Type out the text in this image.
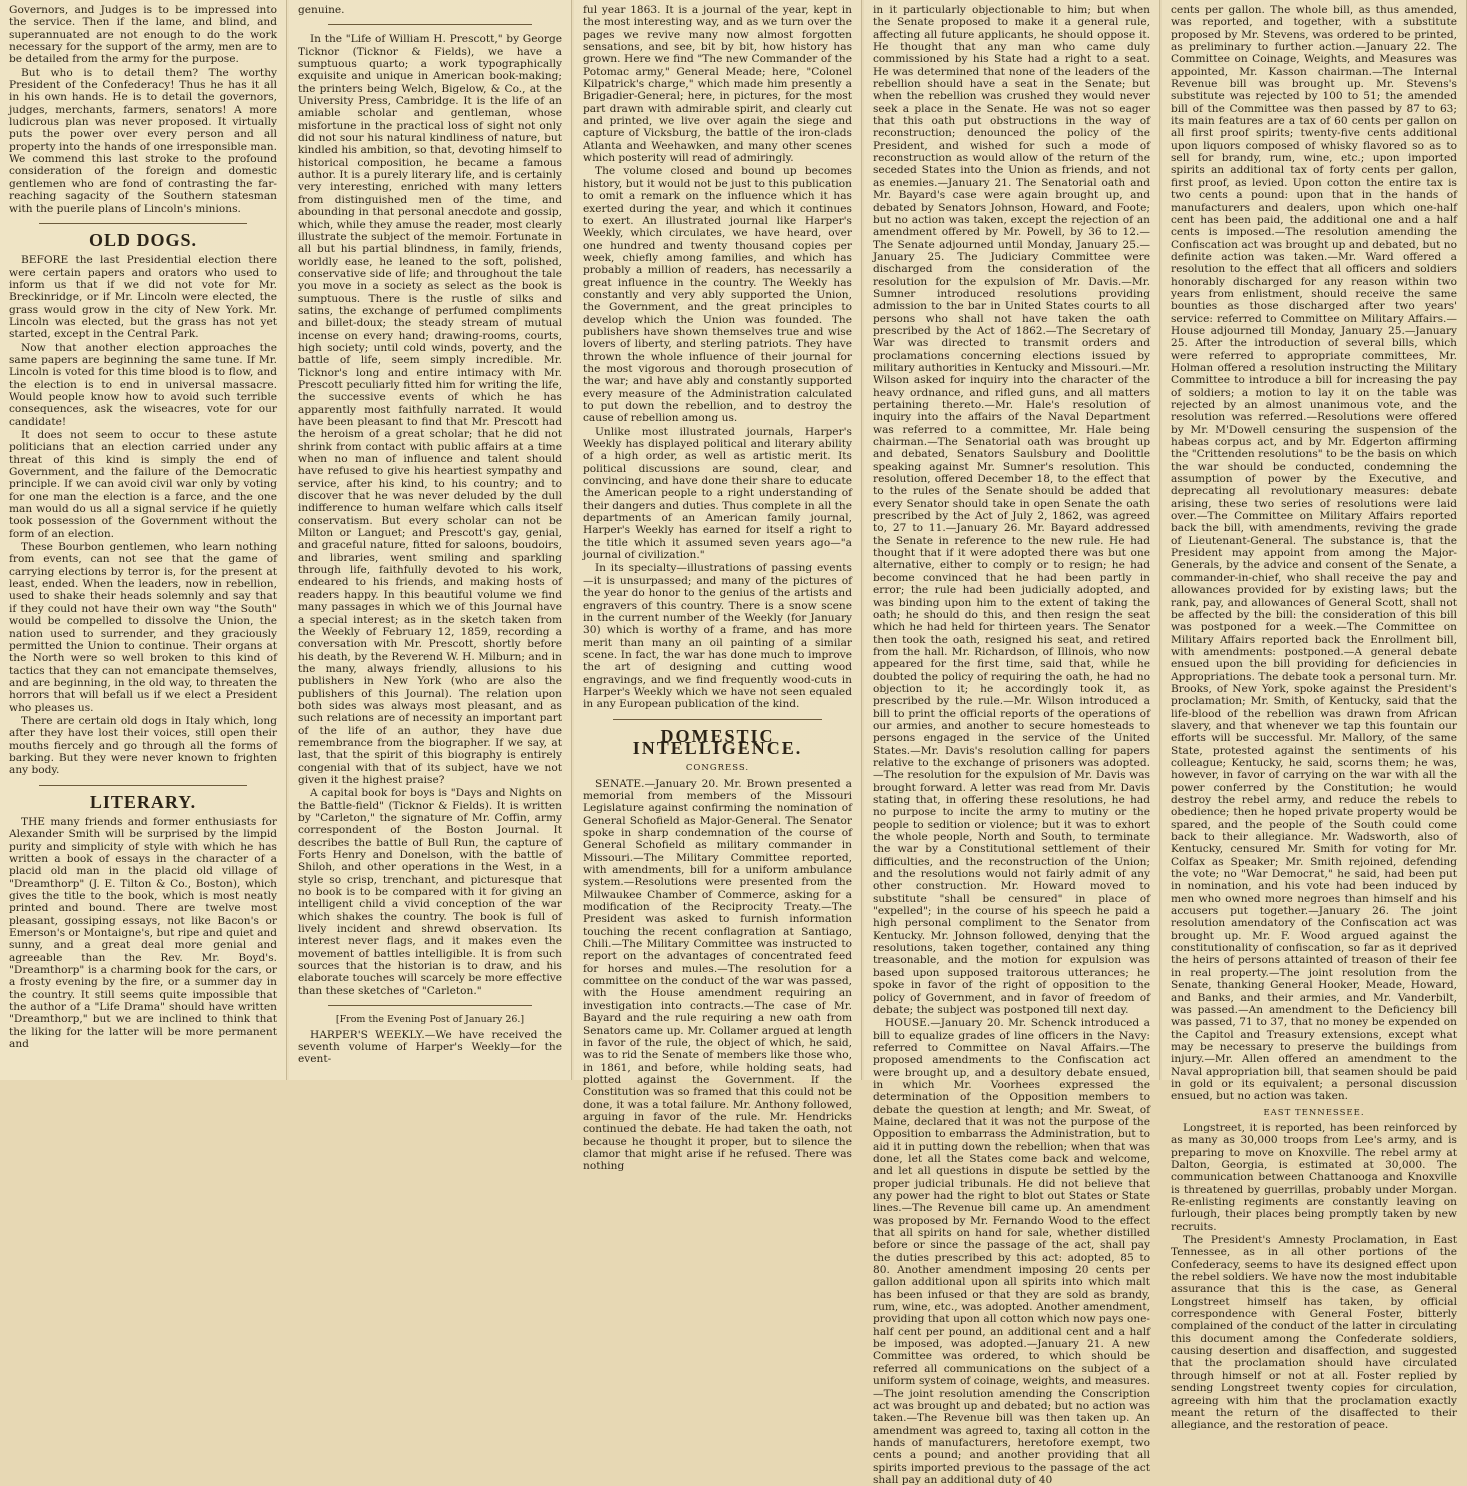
Governors, and Judges is to be impressed into the service. Then if the lame, and blind, and superannuated are not enough to do the work necessary for the support of the army, men are to be detailed from the army for the purpose.

But who is to detail them? The worthy President of the Confederacy! Thus he has it all in his own hands. He is to detail the governors, judges, merchants, farmers, senators! A more ludicrous plan was never proposed. It virtually puts the power over every person and all property into the hands of one irresponsible man. We commend this last stroke to the profound consideration of the foreign and domestic gentlemen who are fond of contrasting the far-reaching sagacity of the Southern statesman with the puerile plans of Lincoln's minions.

OLD DOGS.

BEFORE the last Presidential election there were certain papers and orators who used to inform us that if we did not vote for Mr. Breckinridge, or if Mr. Lincoln were elected, the grass would grow in the city of New York. Mr. Lincoln was elected, but the grass has not yet started, except in the Central Park.

Now that another election approaches the same papers are beginning the same tune. If Mr. Lincoln is voted for this time blood is to flow, and the election is to end in universal massacre. Would people know how to avoid such terrible consequences, ask the wiseacres, vote for our candidate!

It does not seem to occur to these astute politicians that an election carried under any threat of this kind is simply the end of Government, and the failure of the Democratic principle. If we can avoid civil war only by voting for one man the election is a farce, and the one man would do us all a signal service if he quietly took possession of the Government without the form of an election.

These Bourbon gentlemen, who learn nothing from events, can not see that the game of carrying elections by terror is, for the present at least, ended. When the leaders, now in rebellion, used to shake their heads solemnly and say that if they could not have their own way "the South" would be compelled to dissolve the Union, the nation used to surrender, and they graciously permitted the Union to continue. Their organs at the North were so well broken to this kind of tactics that they can not emancipate themselves, and are beginning, in the old way, to threaten the horrors that will befall us if we elect a President who pleases us.

There are certain old dogs in Italy which, long after they have lost their voices, still open their mouths fiercely and go through all the forms of barking. But they were never known to frighten any body.

LITERARY.

THE many friends and former enthusiasts for Alexander Smith will be surprised by the limpid purity and simplicity of style with which he has written a book of essays in the character of a placid old man in the placid old village of "Dreamthorp" (J. E. Tilton & Co., Boston), which gives the title to the book, which is most neatly printed and bound. There are twelve most pleasant, gossiping essays, not like Bacon's or Emerson's or Montaigne's, but ripe and quiet and sunny, and a great deal more genial and agreeable than the Rev. Mr. Boyd's. "Dreamthorp" is a charming book for the cars, or a frosty evening by the fire, or a summer day in the country. It still seems quite impossible that the author of a "Life Drama" should have written "Dreamthorp," but we are inclined to think that the liking for the latter will be more permanent and

genuine.

In the "Life of William H. Prescott," by George Ticknor (Ticknor & Fields), we have a sumptuous quarto; a work typographically exquisite and unique in American book-making; the printers being Welch, Bigelow, & Co., at the University Press, Cambridge. It is the life of an amiable scholar and gentleman, whose misfortune in the practical loss of sight not only did not sour his natural kindliness of nature, but kindled his ambition, so that, devoting himself to historical composition, he became a famous author. It is a purely literary life, and is certainly very interesting, enriched with many letters from distinguished men of the time, and abounding in that personal anecdote and gossip, which, while they amuse the reader, most clearly illustrate the subject of the memoir. Fortunate in all but his partial blindness, in family, friends, worldly ease, he leaned to the soft, polished, conservative side of life; and throughout the tale you move in a society as select as the book is sumptuous. There is the rustle of silks and satins, the exchange of perfumed compliments and billet-doux; the steady stream of mutual incense on every hand; drawing-rooms, courts, high society; until cold winds, poverty, and the battle of life, seem simply incredible. Mr. Ticknor's long and entire intimacy with Mr. Prescott peculiarly fitted him for writing the life, the successive events of which he has apparently most faithfully narrated. It would have been pleasant to find that Mr. Prescott had the heroism of a great scholar; that he did not shrink from contact with public affairs at a time when no man of influence and talent should have refused to give his heartiest sympathy and service, after his kind, to his country; and to discover that he was never deluded by the dull indifference to human welfare which calls itself conservatism. But every scholar can not be Milton or Languet; and Prescott's gay, genial, and graceful nature, fitted for saloons, boudoirs, and libraries, went smiling and sparkling through life, faithfully devoted to his work, endeared to his friends, and making hosts of readers happy. In this beautiful volume we find many passages in which we of this Journal have a special interest; as in the sketch taken from the Weekly of February 12, 1859, recording a conversation with Mr. Prescott, shortly before his death, by the Reverend W. H. Milburn; and in the many, always friendly, allusions to his publishers in New York (who are also the publishers of this Journal). The relation upon both sides was always most pleasant, and as such relations are of necessity an important part of the life of an author, they have due remembrance from the biographer. If we say, at last, that the spirit of this biography is entirely congenial with that of its subject, have we not given it the highest praise?

A capital book for boys is "Days and Nights on the Battle-field" (Ticknor & Fields). It is written by "Carleton," the signature of Mr. Coffin, army correspondent of the Boston Journal. It describes the battle of Bull Run, the capture of Forts Henry and Donelson, with the battle of Shiloh, and other operations in the West, in a style so crisp, trenchant, and picturesque that no book is to be compared with it for giving an intelligent child a vivid conception of the war which shakes the country. The book is full of lively incident and shrewd observation. Its interest never flags, and it makes even the movement of battles intelligible. It is from such sources that the historian is to draw, and his elaborate touches will scarcely be more effective than these sketches of "Carleton."

[From the Evening Post of January 26.]

HARPER'S WEEKLY.—We have received the seventh volume of Harper's Weekly—for the event-

ful year 1863. It is a journal of the year, kept in the most interesting way, and as we turn over the pages we revive many now almost forgotten sensations, and see, bit by bit, how history has grown. Here we find "The new Commander of the Potomac army," General Meade; here, "Colonel Kilpatrick's charge," which made him presently a Brigadier-General; here, in pictures, for the most part drawn with admirable spirit, and clearly cut and printed, we live over again the siege and capture of Vicksburg, the battle of the iron-clads Atlanta and Weehawken, and many other scenes which posterity will read of admiringly.

The volume closed and bound up becomes history, but it would not be just to this publication to omit a remark on the influence which it has exerted during the year, and which it continues to exert. An illustrated journal like Harper's Weekly, which circulates, we have heard, over one hundred and twenty thousand copies per week, chiefly among families, and which has probably a million of readers, has necessarily a great influence in the country. The Weekly has constantly and very ably supported the Union, the Government, and the great principles to develop which the Union was founded. The publishers have shown themselves true and wise lovers of liberty, and sterling patriots. They have thrown the whole influence of their journal for the most vigorous and thorough prosecution of the war; and have ably and constantly supported every measure of the Administration calculated to put down the rebellion, and to destroy the cause of rebellion among us.

Unlike most illustrated journals, Harper's Weekly has displayed political and literary ability of a high order, as well as artistic merit. Its political discussions are sound, clear, and convincing, and have done their share to educate the American people to a right understanding of their dangers and duties. Thus complete in all the departments of an American family journal, Harper's Weekly has earned for itself a right to the title which it assumed seven years ago—"a journal of civilization."

In its specialty—illustrations of passing events—it is unsurpassed; and many of the pictures of the year do honor to the genius of the artists and engravers of this country. There is a snow scene in the current number of the Weekly (for January 30) which is worthy of a frame, and has more merit than many an oil painting of a similar scene. In fact, the war has done much to improve the art of designing and cutting wood engravings, and we find frequently wood-cuts in Harper's Weekly which we have not seen equaled in any European publication of the kind.

DOMESTIC INTELLIGENCE.
CONGRESS.

SENATE.—January 20. Mr. Brown presented a memorial from members of the Missouri Legislature against confirming the nomination of General Schofield as Major-General. The Senator spoke in sharp condemnation of the course of General Schofield as military commander in Missouri.—The Military Committee reported, with amendments, bill for a uniform ambulance system.—Resolutions were presented from the Milwaukee Chamber of Commerce, asking for a modification of the Reciprocity Treaty.—The President was asked to furnish information touching the recent conflagration at Santiago, Chili.—The Military Committee was instructed to report on the advantages of concentrated feed for horses and mules.—The resolution for a committee on the conduct of the war was passed, with the House amendment requiring an investigation into contracts.—The case of Mr. Bayard and the rule requiring a new oath from Senators came up. Mr. Collamer argued at length in favor of the rule, the object of which, he said, was to rid the Senate of members like those who, in 1861, and before, while holding seats, had plotted against the Government. If the Constitution was so framed that this could not be done, it was a total failure. Mr. Anthony followed, arguing in favor of the rule. Mr. Hendricks continued the debate. He had taken the oath, not because he thought it proper, but to silence the clamor that might arise if he refused. There was nothing

in it particularly objectionable to him; but when the Senate proposed to make it a general rule, affecting all future applicants, he should oppose it. He thought that any man who came duly commissioned by his State had a right to a seat. He was determined that none of the leaders of the rebellion should have a seat in the Senate; but when the rebellion was crushed they would never seek a place in the Senate. He was not so eager that this oath put obstructions in the way of reconstruction; denounced the policy of the President, and wished for such a mode of reconstruction as would allow of the return of the seceded States into the Union as friends, and not as enemies.—January 21. The Senatorial oath and Mr. Bayard's case were again brought up, and debated by Senators Johnson, Howard, and Foote; but no action was taken, except the rejection of an amendment offered by Mr. Powell, by 36 to 12.—The Senate adjourned until Monday, January 25.—January 25. The Judiciary Committee were discharged from the consideration of the resolution for the expulsion of Mr. Davis.—Mr. Sumner introduced resolutions providing admission to the bar in United States courts to all persons who shall not have taken the oath prescribed by the Act of 1862.—The Secretary of War was directed to transmit orders and proclamations concerning elections issued by military authorities in Kentucky and Missouri.—Mr. Wilson asked for inquiry into the character of the heavy ordnance, and rifled guns, and all matters pertaining thereto.—Mr. Hale's resolution of inquiry into the affairs of the Naval Department was referred to a committee, Mr. Hale being chairman.—The Senatorial oath was brought up and debated, Senators Saulsbury and Doolittle speaking against Mr. Sumner's resolution. This resolution, offered December 18, to the effect that to the rules of the Senate should be added that every Senator should take in open Senate the oath prescribed by the Act of July 2, 1862, was agreed to, 27 to 11.—January 26. Mr. Bayard addressed the Senate in reference to the new rule. He had thought that if it were adopted there was but one alternative, either to comply or to resign; he had become convinced that he had been partly in error; the rule had been judicially adopted, and was binding upon him to the extent of taking the oath; he should do this, and then resign the seat which he had held for thirteen years. The Senator then took the oath, resigned his seat, and retired from the hall. Mr. Richardson, of Illinois, who now appeared for the first time, said that, while he doubted the policy of requiring the oath, he had no objection to it; he accordingly took it, as prescribed by the rule.—Mr. Wilson introduced a bill to print the official reports of the operations of our armies, and another to secure homesteads to persons engaged in the service of the United States.—Mr. Davis's resolution calling for papers relative to the exchange of prisoners was adopted.—The resolution for the expulsion of Mr. Davis was brought forward. A letter was read from Mr. Davis stating that, in offering these resolutions, he had no purpose to incite the army to mutiny or the people to sedition or violence; but it was to exhort the whole people, North and South, to terminate the war by a Constitutional settlement of their difficulties, and the reconstruction of the Union; and the resolutions would not fairly admit of any other construction. Mr. Howard moved to substitute "shall be censured" in place of "expelled"; in the course of his speech he paid a high personal compliment to the Senator from Kentucky. Mr. Johnson followed, denying that the resolutions, taken together, contained any thing treasonable, and the motion for expulsion was based upon supposed traitorous utterances; he spoke in favor of the right of opposition to the policy of Government, and in favor of freedom of debate; the subject was postponed till next day.

HOUSE.—January 20. Mr. Schenck introduced a bill to equalize grades of line officers in the Navy: referred to Committee on Naval Affairs.—The proposed amendments to the Confiscation act were brought up, and a desultory debate ensued, in which Mr. Voorhees expressed the determination of the Opposition members to debate the question at length; and Mr. Sweat, of Maine, declared that it was not the purpose of the Opposition to embarrass the Administration, but to aid it in putting down the rebellion; when that was done, let all the States come back and welcome, and let all questions in dispute be settled by the proper judicial tribunals. He did not believe that any power had the right to blot out States or State lines.—The Revenue bill came up. An amendment was proposed by Mr. Fernando Wood to the effect that all spirits on hand for sale, whether distilled before or since the passage of the act, shall pay the duties prescribed by this act: adopted, 85 to 80. Another amendment imposing 20 cents per gallon additional upon all spirits into which malt has been infused or that they are sold as brandy, rum, wine, etc., was adopted. Another amendment, providing that upon all cotton which now pays one-half cent per pound, an additional cent and a half be imposed, was adopted.—January 21. A new Committee was ordered, to which should be referred all communications on the subject of a uniform system of coinage, weights, and measures.—The joint resolution amending the Conscription act was brought up and debated; but no action was taken.—The Revenue bill was then taken up. An amendment was agreed to, taxing all cotton in the hands of manufacturers, heretofore exempt, two cents a pound; and another providing that all spirits imported previous to the passage of the act shall pay an additional duty of 40

cents per gallon. The whole bill, as thus amended, was reported, and together, with a substitute proposed by Mr. Stevens, was ordered to be printed, as preliminary to further action.—January 22. The Committee on Coinage, Weights, and Measures was appointed, Mr. Kasson chairman.—The Internal Revenue bill was brought up. Mr. Stevens's substitute was rejected by 100 to 51; the amended bill of the Committee was then passed by 87 to 63; its main features are a tax of 60 cents per gallon on all first proof spirits; twenty-five cents additional upon liquors composed of whisky flavored so as to sell for brandy, rum, wine, etc.; upon imported spirits an additional tax of forty cents per gallon, first proof, as levied. Upon cotton the entire tax is two cents a pound: upon that in the hands of manufacturers and dealers, upon which one-half cent has been paid, the additional one and a half cents is imposed.—The resolution amending the Confiscation act was brought up and debated, but no definite action was taken.—Mr. Ward offered a resolution to the effect that all officers and soldiers honorably discharged for any reason within two years from enlistment, should receive the same bounties as those discharged after two years' service: referred to Committee on Military Affairs.—House adjourned till Monday, January 25.—January 25. After the introduction of several bills, which were referred to appropriate committees, Mr. Holman offered a resolution instructing the Military Committee to introduce a bill for increasing the pay of soldiers; a motion to lay it on the table was rejected by an almost unanimous vote, and the resolution was referred.—Resolutions were offered by Mr. M'Dowell censuring the suspension of the habeas corpus act, and by Mr. Edgerton affirming the "Crittenden resolutions" to be the basis on which the war should be conducted, condemning the assumption of power by the Executive, and deprecating all revolutionary measures: debate arising, these two series of resolutions were laid over.—The Committee on Military Affairs reported back the bill, with amendments, reviving the grade of Lieutenant-General. The substance is, that the President may appoint from among the Major-Generals, by the advice and consent of the Senate, a commander-in-chief, who shall receive the pay and allowances provided for by existing laws; but the rank, pay, and allowances of General Scott, shall not be affected by the bill: the consideration of this bill was postponed for a week.—The Committee on Military Affairs reported back the Enrollment bill, with amendments: postponed.—A general debate ensued upon the bill providing for deficiencies in Appropriations. The debate took a personal turn. Mr. Brooks, of New York, spoke against the President's proclamation; Mr. Smith, of Kentucky, said that the life-blood of the rebellion was drawn from African slavery, and that whenever we tap this fountain our efforts will be successful. Mr. Mallory, of the same State, protested against the sentiments of his colleague; Kentucky, he said, scorns them; he was, however, in favor of carrying on the war with all the power conferred by the Constitution; he would destroy the rebel army, and reduce the rebels to obedience; then he hoped private property would be spared, and the people of the South could come back to their allegiance. Mr. Wadsworth, also of Kentucky, censured Mr. Smith for voting for Mr. Colfax as Speaker; Mr. Smith rejoined, defending the vote; no "War Democrat," he said, had been put in nomination, and his vote had been induced by men who owned more negroes than himself and his accusers put together.—January 26. The joint resolution amendatory of the Confiscation act was brought up. Mr. F. Wood argued against the constitutionality of confiscation, so far as it deprived the heirs of persons attainted of treason of their fee in real property.—The joint resolution from the Senate, thanking General Hooker, Meade, Howard, and Banks, and their armies, and Mr. Vanderbilt, was passed.—An amendment to the Deficiency bill was passed, 71 to 37, that no money be expended on the Capitol and Treasury extensions, except what may be necessary to preserve the buildings from injury.—Mr. Allen offered an amendment to the Naval appropriation bill, that seamen should be paid in gold or its equivalent; a personal discussion ensued, but no action was taken.

EAST TENNESSEE.

Longstreet, it is reported, has been reinforced by as many as 30,000 troops from Lee's army, and is preparing to move on Knoxville. The rebel army at Dalton, Georgia, is estimated at 30,000. The communication between Chattanooga and Knoxville is threatened by guerrillas, probably under Morgan. Re-enlisting regiments are constantly leaving on furlough, their places being promptly taken by new recruits.

The President's Amnesty Proclamation, in East Tennessee, as in all other portions of the Confederacy, seems to have its designed effect upon the rebel soldiers. We have now the most indubitable assurance that this is the case, as General Longstreet himself has taken, by official correspondence with General Foster, bitterly complained of the conduct of the latter in circulating this document among the Confederate soldiers, causing desertion and disaffection, and suggested that the proclamation should have circulated through himself or not at all. Foster replied by sending Longstreet twenty copies for circulation, agreeing with him that the proclamation exactly meant the return of the disaffected to their allegiance, and the restoration of peace.
